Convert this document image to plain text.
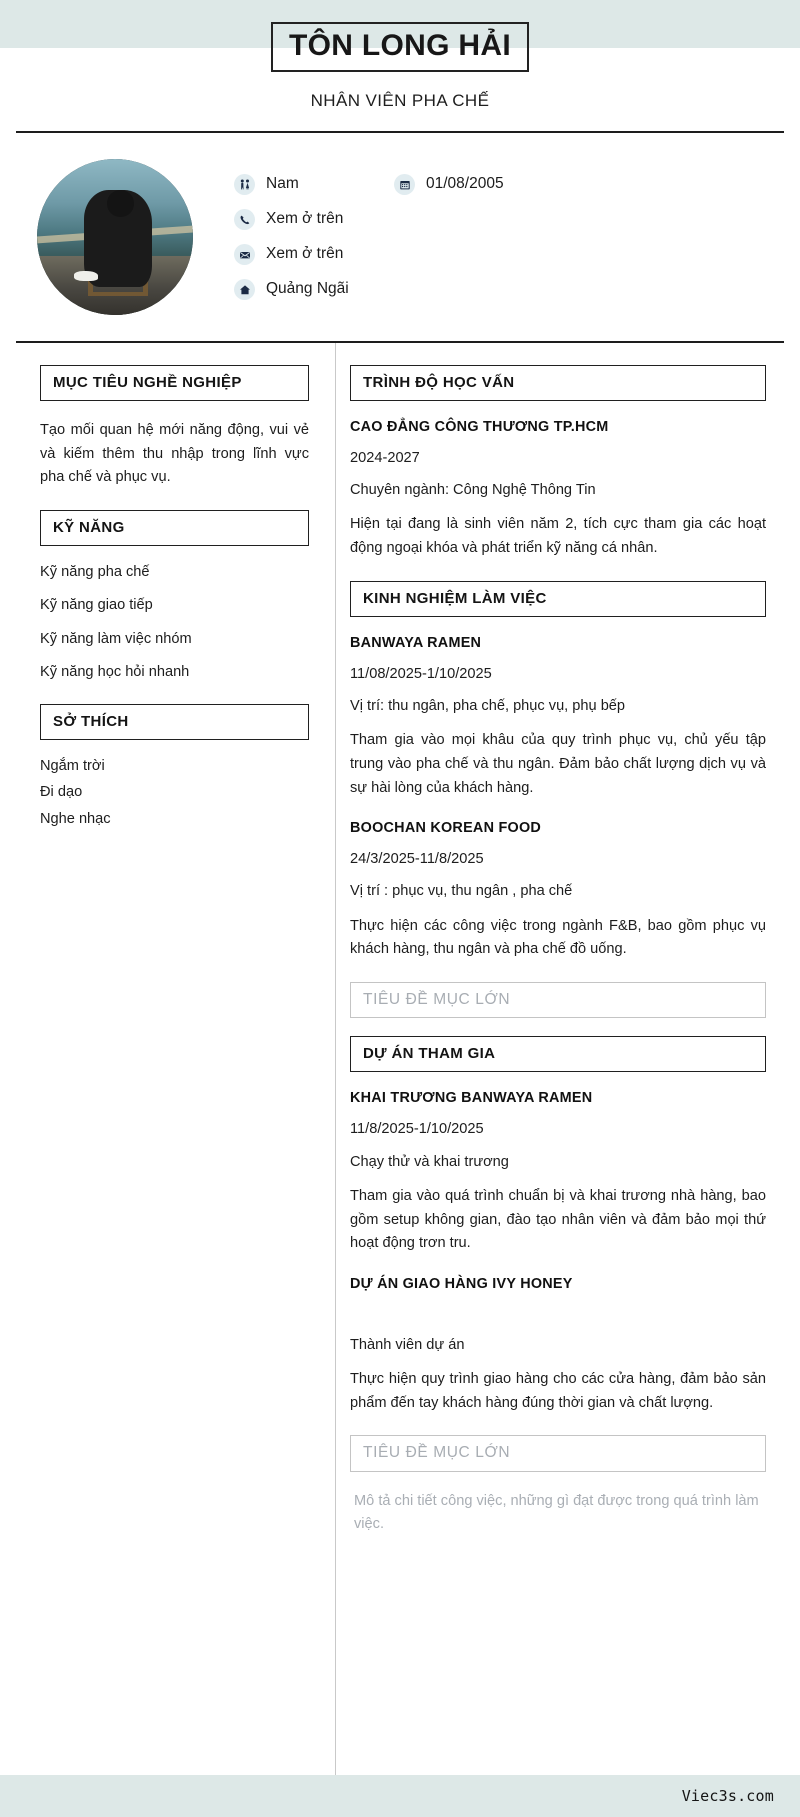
TÔN LONG HẢI
NHÂN VIÊN PHA CHẾ
Nam	01/08/2005
Xem ở trên
Xem ở trên
Quảng Ngãi
MỤC TIÊU NGHỀ NGHIỆP

Tạo mối quan hệ mới năng động, vui vẻ và kiếm thêm thu nhập trong lĩnh vực pha chế và phục vụ.

KỸ NĂNG
Kỹ năng pha chế
Kỹ năng giao tiếp
Kỹ năng làm việc nhóm
Kỹ năng học hỏi nhanh
SỞ THÍCH
Ngắm trời
Đi dạo
Nghe nhạc
TRÌNH ĐỘ HỌC VẤN
CAO ĐẲNG CÔNG THƯƠNG TP.HCM
2024-2027
Chuyên ngành: Công Nghệ Thông Tin
Hiện tại đang là sinh viên năm 2, tích cực tham gia các hoạt động ngoại khóa và phát triển kỹ năng cá nhân.
KINH NGHIỆM LÀM VIỆC
BANWAYA RAMEN
11/08/2025-1/10/2025
Vị trí: thu ngân, pha chế, phục vụ, phụ bếp
Tham gia vào mọi khâu của quy trình phục vụ, chủ yếu tập trung vào pha chế và thu ngân. Đảm bảo chất lượng dịch vụ và sự hài lòng của khách hàng.
BOOCHAN KOREAN FOOD
24/3/2025-11/8/2025
Vị trí : phục vụ, thu ngân , pha chế
Thực hiện các công việc trong ngành F&B, bao gồm phục vụ khách hàng, thu ngân và pha chế đồ uống.
TIÊU ĐỀ MỤC LỚN
DỰ ÁN THAM GIA
KHAI TRƯƠNG BANWAYA RAMEN
11/8/2025-1/10/2025
Chạy thử và khai trương
Tham gia vào quá trình chuẩn bị và khai trương nhà hàng, bao gồm setup không gian, đào tạo nhân viên và đảm bảo mọi thứ hoạt động trơn tru.
DỰ ÁN GIAO HÀNG IVY HONEY
Thành viên dự án
Thực hiện quy trình giao hàng cho các cửa hàng, đảm bảo sản phẩm đến tay khách hàng đúng thời gian và chất lượng.
TIÊU ĐỀ MỤC LỚN

Mô tả chi tiết công việc, những gì đạt được trong quá trình làm việc.

Viec3s.com
